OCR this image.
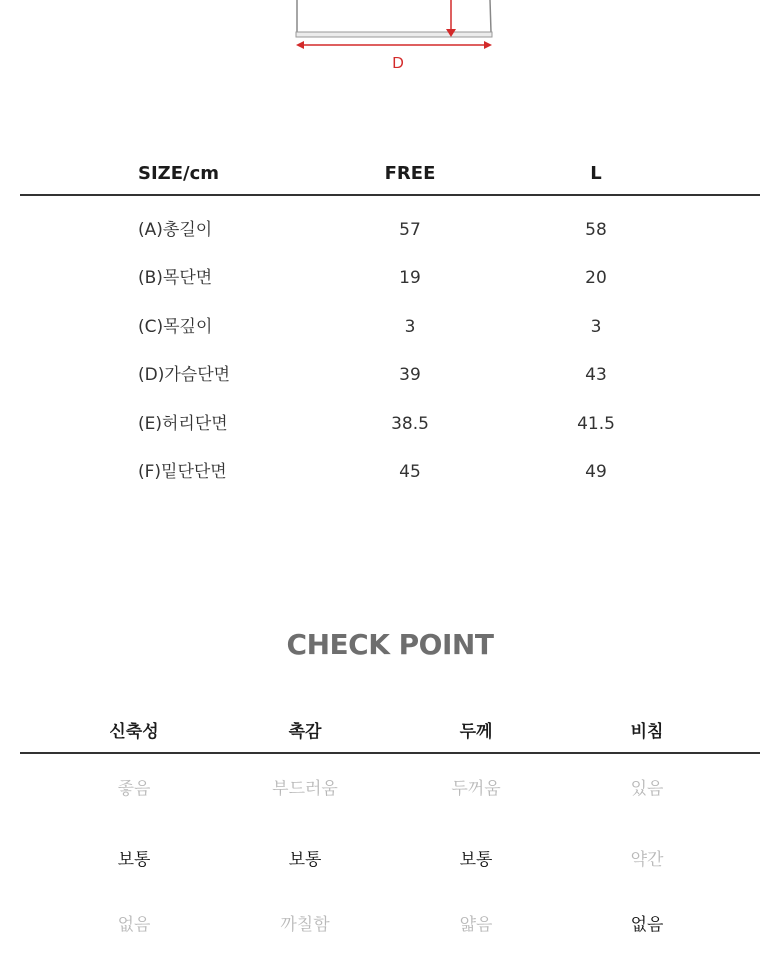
D
SIZE/cm	FREE	L
(A)총길이	57	58
(B)목단면	19	20
(C)목깊이	3	3
(D)가슴단면	39	43
(E)허리단면	38.5	41.5
(F)밑단단면	45	49
CHECK POINT
신축성	촉감	두께	비침
좋음	부드러움	두꺼움	있음
보통	보통	보통	약간
없음	까칠함	얇음	없음
